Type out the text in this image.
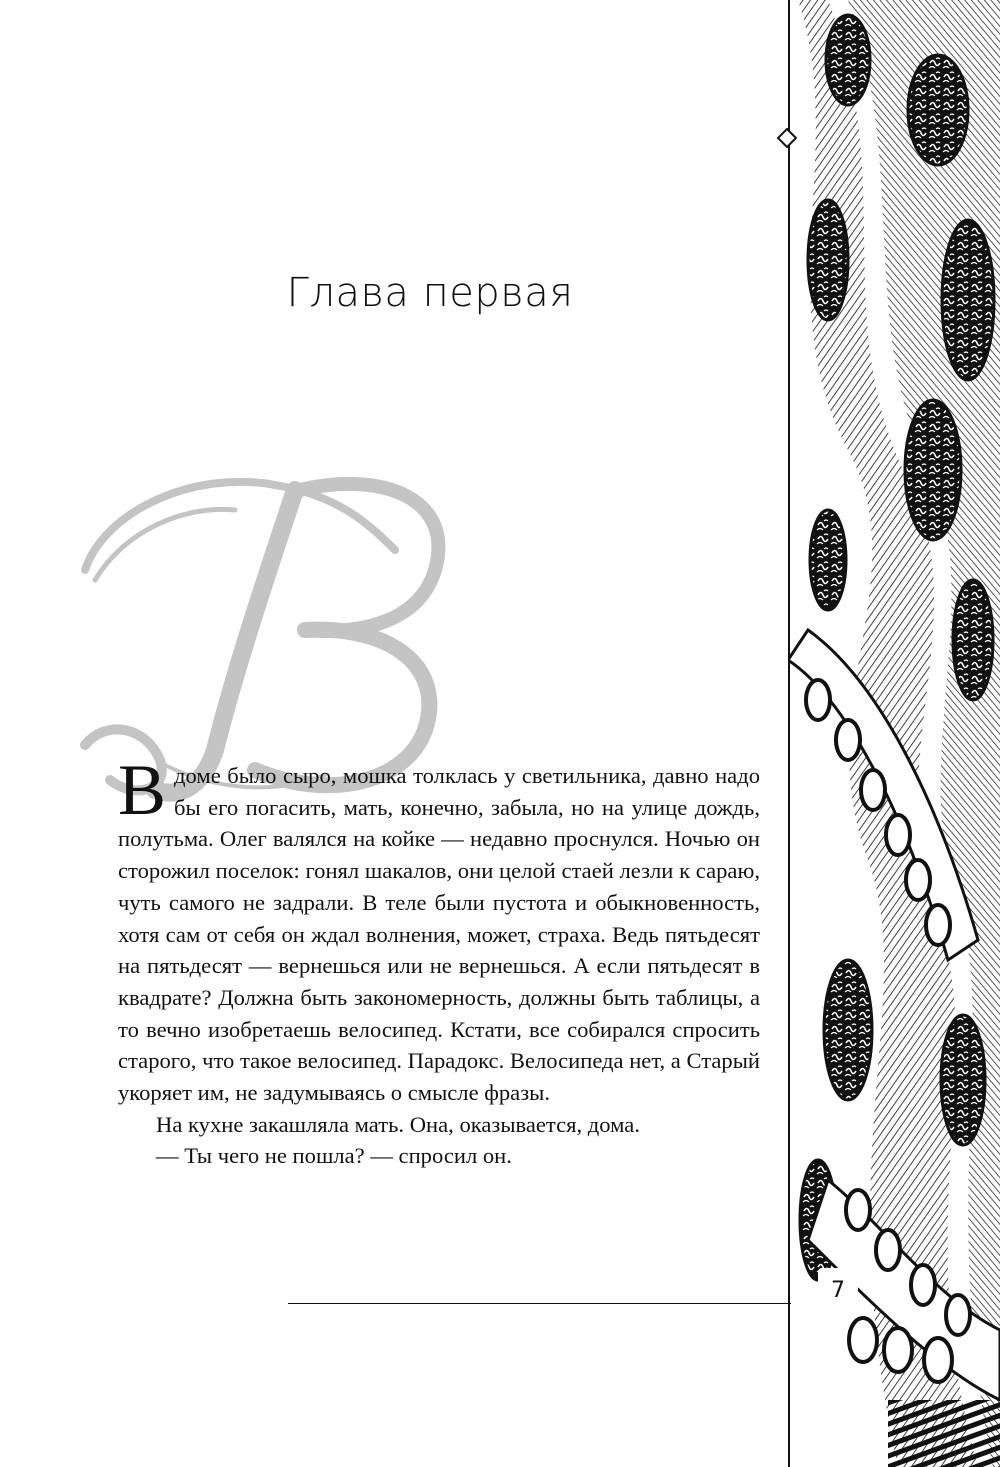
Глава первая

Вдоме было сыро, мошка толклась у светильника, давно надо бы его погасить, мать, конечно, забыла, но на улице дождь, полутьма. Олег валялся на койке — недавно проснулся. Ночью он сторожил поселок: гонял шакалов, они целой стаей лезли к сараю, чуть самого не задрали. В теле были пустота и обыкновенность, хотя сам от себя он ждал волнения, может, страха. Ведь пятьдесят на пятьдесят — вернешься или не вернешься. А если пятьдесят в квадрате? Должна быть закономерность, должны быть таблицы, а то вечно изобретаешь велосипед. Кстати, все собирался спросить старого, что такое велосипед. Парадокс. Велосипеда нет, а Старый укоряет им, не задумываясь о смысле фразы.

На кухне закашляла мать. Она, оказывается, дома.

— Ты чего не пошла? — спросил он.

7
